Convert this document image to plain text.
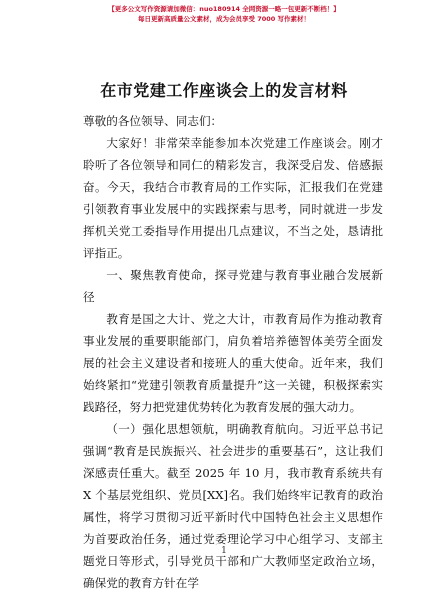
【更多公文写作资源请加微信：nuo180914 全网资源一略一包更新不断档！】
每日更新高质量公文素材，成为会员享受 7000 写作素材！
在市党建工作座谈会上的发言材料

尊敬的各位领导、同志们：

大家好！非常荣幸能参加本次党建工作座谈会。刚才聆听了各位领导和同仁的精彩发言，我深受启发、倍感振奋。今天，我结合市教育局的工作实际，汇报我们在党建引领教育事业发展中的实践探索与思考，同时就进一步发挥机关党工委指导作用提出几点建议，不当之处，恳请批评指正。

一、聚焦教育使命，探寻党建与教育事业融合发展新径

教育是国之大计、党之大计，市教育局作为推动教育事业发展的重要职能部门，肩负着培养德智体美劳全面发展的社会主义建设者和接班人的重大使命。近年来，我们始终紧扣“党建引领教育质量提升”这一关键，积极探索实践路径，努力把党建优势转化为教育发展的强大动力。

（一）强化思想领航，明确教育航向。习近平总书记强调“教育是民族振兴、社会进步的重要基石”，这让我们深感责任重大。截至 2025 年 10 月，我市教育系统共有 X 个基层党组织、党员[XX]名。我们始终牢记教育的政治属性，将学习贯彻习近平新时代中国特色社会主义思想作为首要政治任务，通过党委理论学习中心组学习、支部主题党日等形式，引导党员干部和广大教师坚定政治立场，确保党的教育方针在学

1
